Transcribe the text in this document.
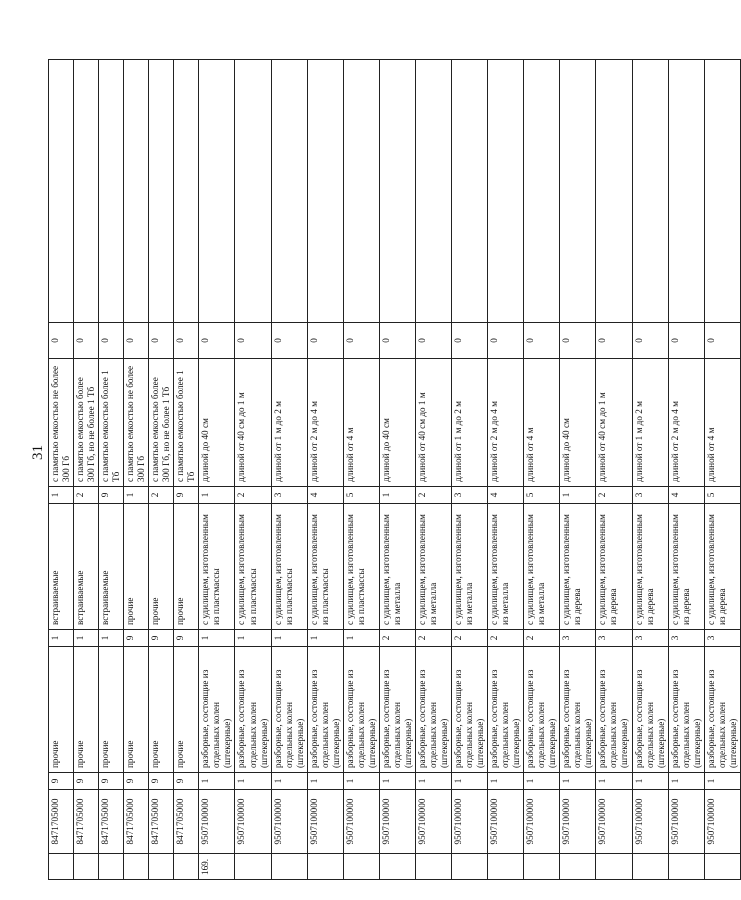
31
	8471705000	9	прочие	1	встраиваемые	1	с памятью емкостью не более 300 Гб	0	
	8471705000	9	прочие	1	встраиваемые	2	с памятью емкостью более 300 Гб, но не более 1 Тб	0	
	8471705000	9	прочие	1	встраиваемые	9	с памятью емкостью более 1 Тб	0	
	8471705000	9	прочие	9	прочие	1	с памятью емкостью не более 300 Гб	0	
	8471705000	9	прочие	9	прочие	2	с памятью емкостью более 300 Гб, но не более 1 Тб	0	
	8471705000	9	прочие	9	прочие	9	с памятью емкостью более 1 Тб	0	
169.	9507100000	1	разборные, состоящие из отдельных колен (штекерные)	1	с удилищем, изготовленным из пластмассы	1	длиной до 40 см	0	
	9507100000	1	разборные, состоящие из отдельных колен (штекерные)	1	с удилищем, изготовленным из пластмассы	2	длиной от 40 см до 1 м	0	
	9507100000	1	разборные, состоящие из отдельных колен (штекерные)	1	с удилищем, изготовленным из пластмассы	3	длиной от 1 м до 2 м	0	
	9507100000	1	разборные, состоящие из отдельных колен (штекерные)	1	с удилищем, изготовленным из пластмассы	4	длиной от 2 м до 4 м	0	
	9507100000	1	разборные, состоящие из отдельных колен (штекерные)	1	с удилищем, изготовленным из пластмассы	5	длиной от 4 м	0	
	9507100000	1	разборные, состоящие из отдельных колен (штекерные)	2	с удилищем, изготовленным из металла	1	длиной до 40 см	0	
	9507100000	1	разборные, состоящие из отдельных колен (штекерные)	2	с удилищем, изготовленным из металла	2	длиной от 40 см до 1 м	0	
	9507100000	1	разборные, состоящие из отдельных колен (штекерные)	2	с удилищем, изготовленным из металла	3	длиной от 1 м до 2 м	0	
	9507100000	1	разборные, состоящие из отдельных колен (штекерные)	2	с удилищем, изготовленным из металла	4	длиной от 2 м до 4 м	0	
	9507100000	1	разборные, состоящие из отдельных колен (штекерные)	2	с удилищем, изготовленным из металла	5	длиной от 4 м	0	
	9507100000	1	разборные, состоящие из отдельных колен (штекерные)	3	с удилищем, изготовленным из дерева	1	длиной до 40 см	0	
	9507100000	1	разборные, состоящие из отдельных колен (штекерные)	3	с удилищем, изготовленным из дерева	2	длиной от 40 см до 1 м	0	
	9507100000	1	разборные, состоящие из отдельных колен (штекерные)	3	с удилищем, изготовленным из дерева	3	длиной от 1 м до 2 м	0	
	9507100000	1	разборные, состоящие из отдельных колен (штекерные)	3	с удилищем, изготовленным из дерева	4	длиной от 2 м до 4 м	0	
	9507100000	1	разборные, состоящие из отдельных колен (штекерные)	3	с удилищем, изготовленным из дерева	5	длиной от 4 м	0	
